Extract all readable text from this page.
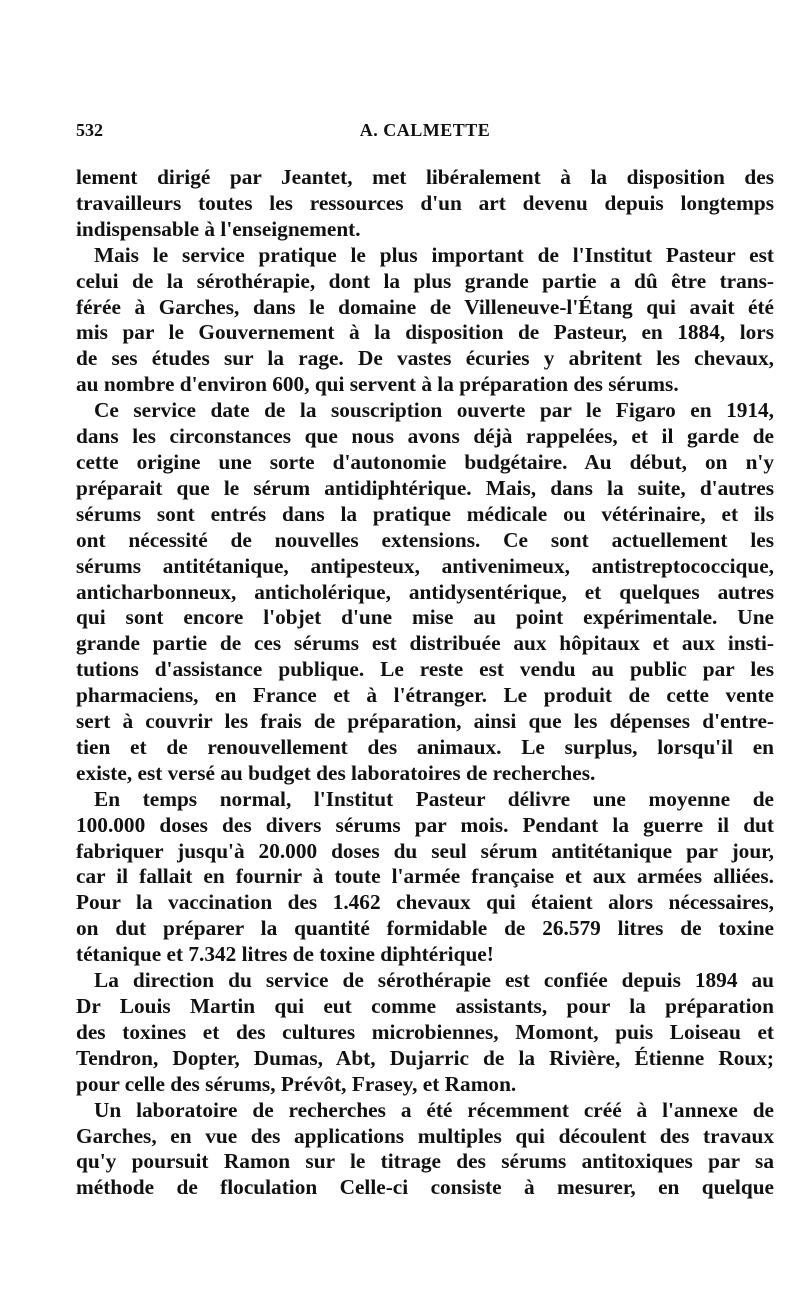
532	A. CALMETTE

lement dirigé par Jeantet, met libéralement à la disposition des
travailleurs toutes les ressources d'un art devenu depuis longtemps
indispensable à l'enseignement.

Mais le service pratique le plus important de l'Institut Pasteur est
celui de la sérothérapie, dont la plus grande partie a dû être trans-
férée à Garches, dans le domaine de Villeneuve-l'Étang qui avait été
mis par le Gouvernement à la disposition de Pasteur, en 1884, lors
de ses études sur la rage. De vastes écuries y abritent les chevaux,
au nombre d'environ 600, qui servent à la préparation des sérums.

Ce service date de la souscription ouverte par le Figaro en 1914,
dans les circonstances que nous avons déjà rappelées, et il garde de
cette origine une sorte d'autonomie budgétaire. Au début, on n'y
préparait que le sérum antidiphtérique. Mais, dans la suite, d'autres
sérums sont entrés dans la pratique médicale ou vétérinaire, et ils
ont nécessité de nouvelles extensions. Ce sont actuellement les
sérums antitétanique, antipesteux, antivenimeux, antistreptococcique,
anticharbonneux, anticholérique, antidysentérique, et quelques autres
qui sont encore l'objet d'une mise au point expérimentale. Une
grande partie de ces sérums est distribuée aux hôpitaux et aux insti-
tutions d'assistance publique. Le reste est vendu au public par les
pharmaciens, en France et à l'étranger. Le produit de cette vente
sert à couvrir les frais de préparation, ainsi que les dépenses d'entre-
tien et de renouvellement des animaux. Le surplus, lorsqu'il en
existe, est versé au budget des laboratoires de recherches.

En temps normal, l'Institut Pasteur délivre une moyenne de
100.000 doses des divers sérums par mois. Pendant la guerre il dut
fabriquer jusqu'à 20.000 doses du seul sérum antitétanique par jour,
car il fallait en fournir à toute l'armée française et aux armées alliées.
Pour la vaccination des 1.462 chevaux qui étaient alors nécessaires,
on dut préparer la quantité formidable de 26.579 litres de toxine
tétanique et 7.342 litres de toxine diphtérique!

La direction du service de sérothérapie est confiée depuis 1894 au
Dr Louis Martin qui eut comme assistants, pour la préparation
des toxines et des cultures microbiennes, Momont, puis Loiseau et
Tendron, Dopter, Dumas, Abt, Dujarric de la Rivière, Étienne Roux;
pour celle des sérums, Prévôt, Frasey, et Ramon.

Un laboratoire de recherches a été récemment créé à l'annexe de
Garches, en vue des applications multiples qui découlent des travaux
qu'y poursuit Ramon sur le titrage des sérums antitoxiques par sa
méthode de floculation Celle-ci consiste à mesurer, en quelque
